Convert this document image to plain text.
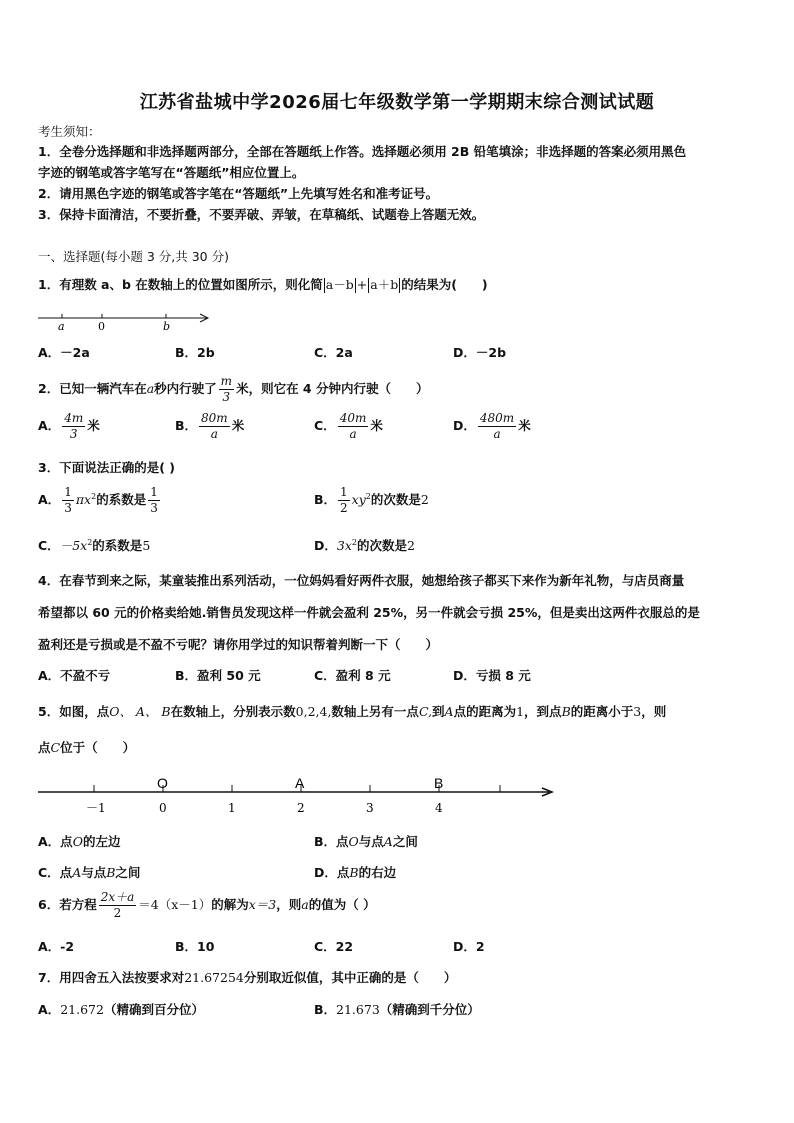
江苏省盐城中学2026届七年级数学第一学期期末综合测试试题
考生须知：
1．全卷分选择题和非选择题两部分，全部在答题纸上作答。选择题必须用 2B 铅笔填涂；非选择题的答案必须用黑色
字迹的钢笔或答字笔写在“答题纸”相应位置上。
2．请用黑色字迹的钢笔或答字笔在“答题纸”上先填写姓名和准考证号。
3．保持卡面清洁，不要折叠，不要弄破、弄皱，在草稿纸、试题卷上答题无效。
一、选择题(每小题 3 分,共 30 分)
1．有理数 a、b 在数轴上的位置如图所示，则化简 a－b + a＋b 的结果为(　　)
a	0	b
A．－2a	B．2b	C．2a	D．－2b
2．已知一辆汽车在a秒内行驶了 $\frac{m}{3}$ 米，则它在 4 分钟内行驶（　　）
A． $\frac{4m}{3}$ 米	B． $\frac{80m}{a}$ 米	C． $\frac{40m}{a}$ 米	D． $\frac{480m}{a}$ 米
3．下面说法正确的是( )
A． $\frac{1}{3} \pi x^2$的系数是 $\frac{1}{3}$	B． $\frac{1}{2} xy^2$的次数是2
C．$-5x^2$的系数是5	D．$3x^2$的次数是2
4．在春节到来之际，某童装推出系列活动，一位妈妈看好两件衣服，她想给孩子都买下来作为新年礼物，与店员商量
希望都以 60 元的价格卖给她.销售员发现这样一件就会盈利 25%，另一件就会亏损 25%，但是卖出这两件衣服总的是
盈利还是亏损或是不盈不亏呢？请你用学过的知识帮着判断一下（　　）
A．不盈不亏	B．盈利 50 元	C．盈利 8 元	D．亏损 8 元
5．如图，点O、 A、 B在数轴上，分别表示数0,2,4,数轴上另有一点C,到A点的距离为1，到点B的距离小于3，则
点C位于（　　）
O	A	B
－1	0	1	2	3	4
A．点O的左边	B．点O与点A之间
C．点A与点B之间	D．点B的右边
6．若方程 $\frac{2x+a}{2} =4(x-1)$的解为x＝3，则a的值为（ ）
A．-2	B．10	C．22	D．2
7．用四舍五入法按要求对21.67254分别取近似值，其中正确的是（　　）
A．21.672（精确到百分位）	B．21.673（精确到千分位）
